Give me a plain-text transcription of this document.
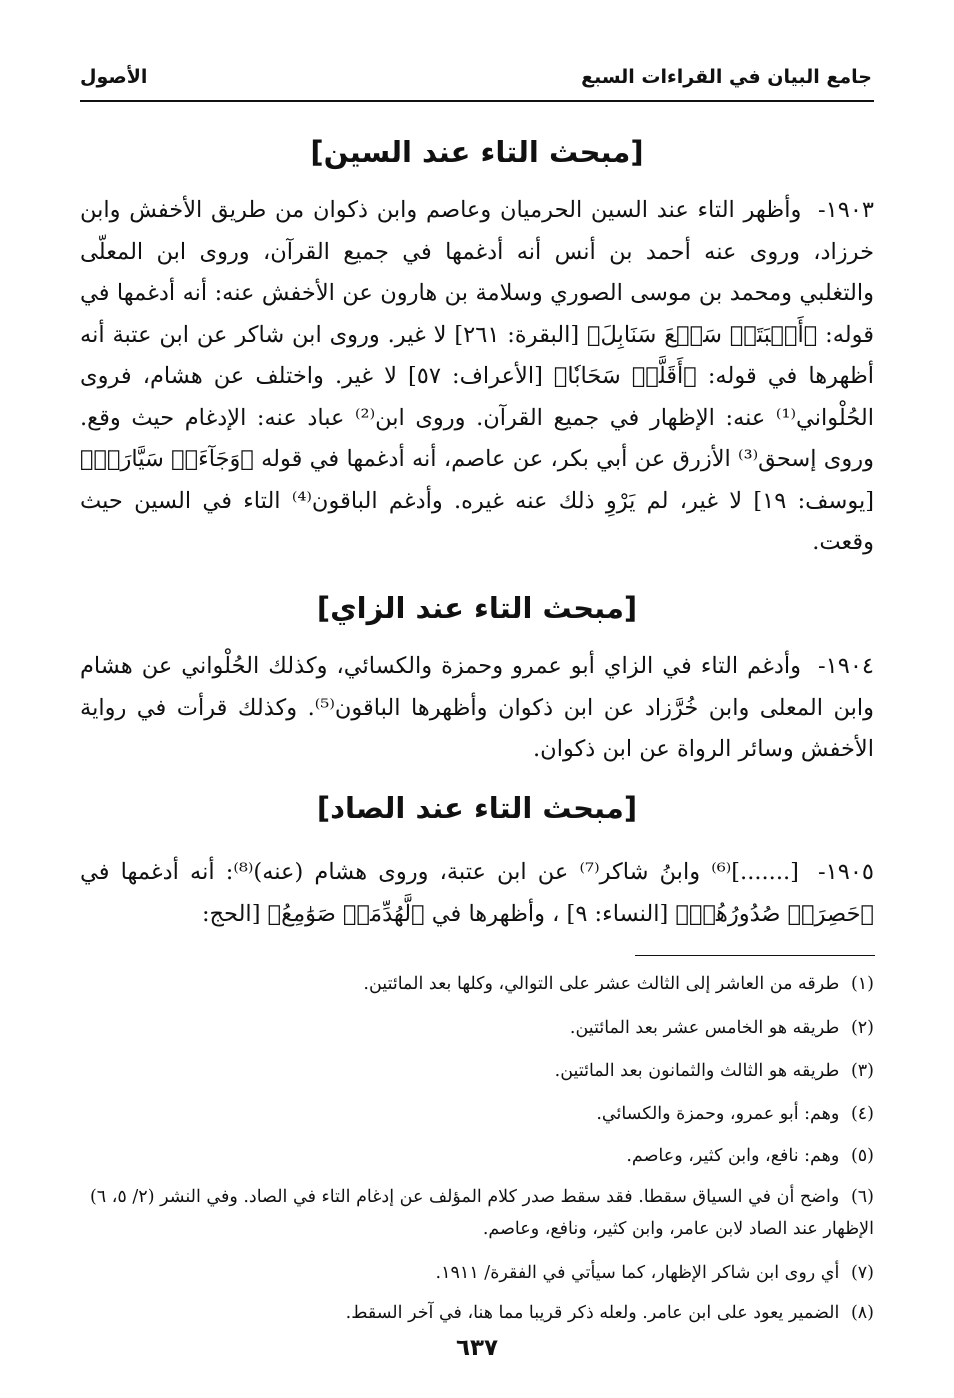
جامع البيان في القراءات السبع
الأصول
[مبحث التاء عند السين]
١٩٠٣- وأظهر التاء عند السين الحرميان وعاصم وابن ذكوان من طريق الأخفش وابن خرزاد، وروى عنه أحمد بن أنس أنه أدغمها في جميع القرآن، وروى ابن المعلّى والتغلبي ومحمد بن موسى الصوري وسلامة بن هارون عن الأخفش عنه: أنه أدغمها في قوله: ﴿أَنۢبَتَتۡ سَبۡعَ سَنَابِلَ﴾ [البقرة: ٢٦١] لا غير. وروى ابن شاكر عن ابن عتبة أنه أظهرها في قوله: ﴿أَقَلَّتۡ سَحَابٗا﴾ [الأعراف: ٥٧] لا غير. واختلف عن هشام، فروى الحُلْواني⁽¹⁾ عنه: الإظهار في جميع القرآن. وروى ابن⁽²⁾ عباد عنه: الإدغام حيث وقع. وروى إسحق⁽³⁾ الأزرق عن أبي بكر، عن عاصم، أنه أدغمها في قوله ﴿وَجَآءَتۡ سَيَّارَةٞ﴾ [يوسف: ١٩] لا غير، لم يَرْوِ ذلك عنه غيره. وأدغم الباقون⁽⁴⁾ التاء في السين حيث وقعت.
[مبحث التاء عند الزاي]
١٩٠٤- وأدغم التاء في الزاي أبو عمرو وحمزة والكسائي، وكذلك الحُلْواني عن هشام وابن المعلى وابن خُرَّزاد عن ابن ذكوان وأظهرها الباقون⁽⁵⁾. وكذلك قرأت في رواية الأخفش وسائر الرواة عن ابن ذكوان.
[مبحث التاء عند الصاد]
١٩٠٥- [.......]⁽⁶⁾ وابنُ شاكر⁽⁷⁾ عن ابن عتبة، وروى هشام (عنه)⁽⁸⁾: أنه أدغمها في ﴿حَصِرَتۡ صُدُورُهُمۡ﴾ [النساء: ٩] ، وأظهرها في ﴿لَّهُدِّمَتۡ صَوَٰمِعُ﴾ [الحج:
(١) طرقه من العاشر إلى الثالث عشر على التوالي، وكلها بعد المائتين.
(٢) طريقه هو الخامس عشر بعد المائتين.
(٣) طريقه هو الثالث والثمانون بعد المائتين.
(٤) وهم: أبو عمرو، وحمزة والكسائي.
(٥) وهم: نافع، وابن كثير، وعاصم.
(٦) واضح أن في السياق سقطا. فقد سقط صدر كلام المؤلف عن إدغام التاء في الصاد. وفي النشر (٢/ ٥، ٦) الإظهار عند الصاد لابن عامر، وابن كثير، ونافع، وعاصم.
(٧) أي روى ابن شاكر الإظهار، كما سيأتي في الفقرة/ ١٩١١.
(٨) الضمير يعود على ابن عامر. ولعله ذكر قريبا مما هنا، في آخر السقط.
٦٣٧
